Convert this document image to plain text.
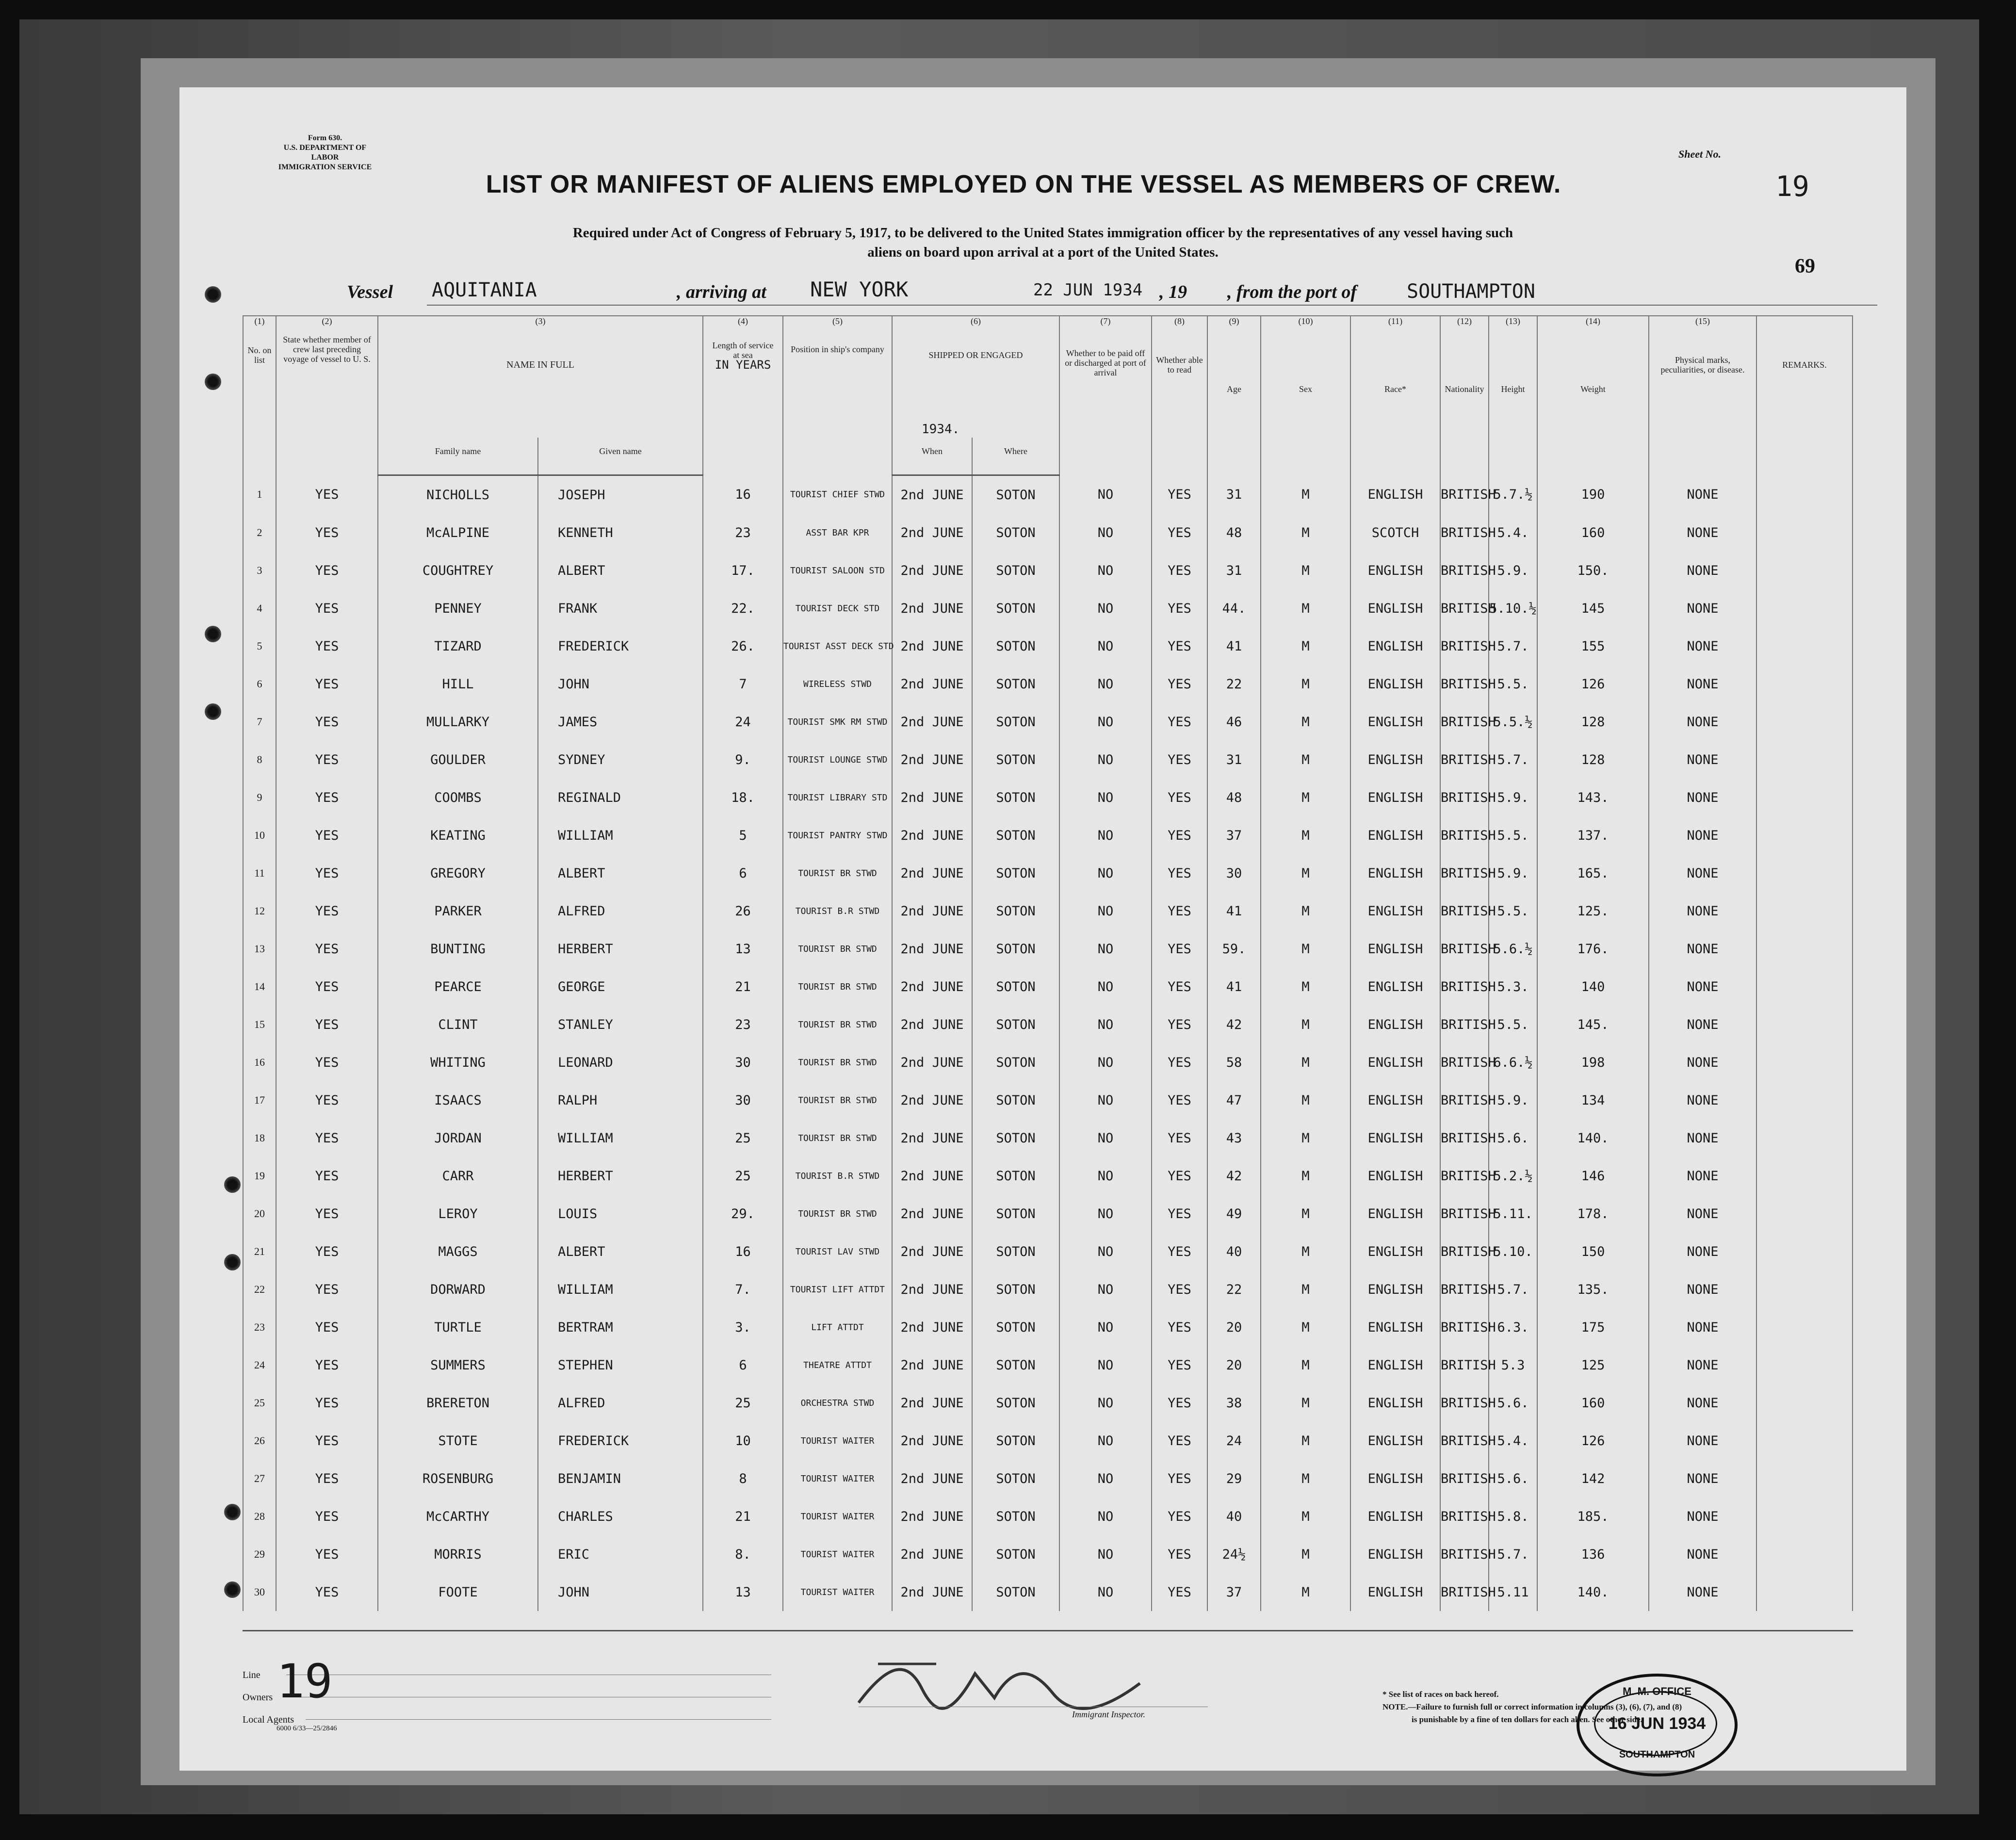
Form 630.
U.S. DEPARTMENT OF LABOR
IMMIGRATION SERVICE
Sheet No.
19
69
LIST OR MANIFEST OF ALIENS EMPLOYED ON THE VESSEL AS MEMBERS OF CREW.
Required under Act of Congress of February 5, 1917, to be delivered to the United States immigration officer by the representatives of any vessel having such
aliens on board upon arrival at a port of the United States.
Vessel AQUITANIA	, arriving at NEW YORK	22 JUN 1934 , 19 , from the port of	SOUTHAMPTON
(1)	(2)	(3)		(4)	(5)	(6)		(7)	(8)	(9)	(10)	(11)	(12)	(13)	(14)	(15)	
No. on list	State whether member of crew last preceding voyage of vessel to U. S.	NAME IN FULL		Length of service at sea
IN YEARS	Position in ship's company	SHIPPED OR ENGAGED		Whether to be paid off or discharged at port of arrival	Whether able to read	Age	Sex	Race*	Nationality	Height	Weight	Physical marks, peculiarities, or disease.	REMARKS.
		Family name	Given name			When	Where										
1	YES	NICHOLLS	JOSEPH	16	TOURIST CHIEF STWD	2nd JUNE	SOTON	NO	YES	31	M	ENGLISH	BRITISH	5.7.½	190	NONE	
2	YES	McALPINE	KENNETH	23	ASST BAR KPR	2nd JUNE	SOTON	NO	YES	48	M	SCOTCH	BRITISH	5.4.	160	NONE	
3	YES	COUGHTREY	ALBERT	17.	TOURIST SALOON STD	2nd JUNE	SOTON	NO	YES	31	M	ENGLISH	BRITISH	5.9.	150.	NONE	
4	YES	PENNEY	FRANK	22.	TOURIST DECK STD	2nd JUNE	SOTON	NO	YES	44.	M	ENGLISH	BRITISH	5.10.½	145	NONE	
5	YES	TIZARD	FREDERICK	26.	TOURIST ASST DECK STD	2nd JUNE	SOTON	NO	YES	41	M	ENGLISH	BRITISH	5.7.	155	NONE	
6	YES	HILL	JOHN	7	WIRELESS STWD	2nd JUNE	SOTON	NO	YES	22	M	ENGLISH	BRITISH	5.5.	126	NONE	
7	YES	MULLARKY	JAMES	24	TOURIST SMK RM STWD	2nd JUNE	SOTON	NO	YES	46	M	ENGLISH	BRITISH	5.5.½	128	NONE	
8	YES	GOULDER	SYDNEY	9.	TOURIST LOUNGE STWD	2nd JUNE	SOTON	NO	YES	31	M	ENGLISH	BRITISH	5.7.	128	NONE	
9	YES	COOMBS	REGINALD	18.	TOURIST LIBRARY STD	2nd JUNE	SOTON	NO	YES	48	M	ENGLISH	BRITISH	5.9.	143.	NONE	
10	YES	KEATING	WILLIAM	5	TOURIST PANTRY STWD	2nd JUNE	SOTON	NO	YES	37	M	ENGLISH	BRITISH	5.5.	137.	NONE	
11	YES	GREGORY	ALBERT	6	TOURIST BR STWD	2nd JUNE	SOTON	NO	YES	30	M	ENGLISH	BRITISH	5.9.	165.	NONE	
12	YES	PARKER	ALFRED	26	TOURIST B.R STWD	2nd JUNE	SOTON	NO	YES	41	M	ENGLISH	BRITISH	5.5.	125.	NONE	
13	YES	BUNTING	HERBERT	13	TOURIST BR STWD	2nd JUNE	SOTON	NO	YES	59.	M	ENGLISH	BRITISH	5.6.½	176.	NONE	
14	YES	PEARCE	GEORGE	21	TOURIST BR STWD	2nd JUNE	SOTON	NO	YES	41	M	ENGLISH	BRITISH	5.3.	140	NONE	
15	YES	CLINT	STANLEY	23	TOURIST BR STWD	2nd JUNE	SOTON	NO	YES	42	M	ENGLISH	BRITISH	5.5.	145.	NONE	
16	YES	WHITING	LEONARD	30	TOURIST BR STWD	2nd JUNE	SOTON	NO	YES	58	M	ENGLISH	BRITISH	6.6.½	198	NONE	
17	YES	ISAACS	RALPH	30	TOURIST BR STWD	2nd JUNE	SOTON	NO	YES	47	M	ENGLISH	BRITISH	5.9.	134	NONE	
18	YES	JORDAN	WILLIAM	25	TOURIST BR STWD	2nd JUNE	SOTON	NO	YES	43	M	ENGLISH	BRITISH	5.6.	140.	NONE	
19	YES	CARR	HERBERT	25	TOURIST B.R STWD	2nd JUNE	SOTON	NO	YES	42	M	ENGLISH	BRITISH	5.2.½	146	NONE	
20	YES	LEROY	LOUIS	29.	TOURIST BR STWD	2nd JUNE	SOTON	NO	YES	49	M	ENGLISH	BRITISH	5.11.	178.	NONE	
21	YES	MAGGS	ALBERT	16	TOURIST LAV STWD	2nd JUNE	SOTON	NO	YES	40	M	ENGLISH	BRITISH	5.10.	150	NONE	
22	YES	DORWARD	WILLIAM	7.	TOURIST LIFT ATTDT	2nd JUNE	SOTON	NO	YES	22	M	ENGLISH	BRITISH	5.7.	135.	NONE	
23	YES	TURTLE	BERTRAM	3.	LIFT ATTDT	2nd JUNE	SOTON	NO	YES	20	M	ENGLISH	BRITISH	6.3.	175	NONE	
24	YES	SUMMERS	STEPHEN	6	THEATRE ATTDT	2nd JUNE	SOTON	NO	YES	20	M	ENGLISH	BRITISH	5.3	125	NONE	
25	YES	BRERETON	ALFRED	25	ORCHESTRA STWD	2nd JUNE	SOTON	NO	YES	38	M	ENGLISH	BRITISH	5.6.	160	NONE	
26	YES	STOTE	FREDERICK	10	TOURIST WAITER	2nd JUNE	SOTON	NO	YES	24	M	ENGLISH	BRITISH	5.4.	126	NONE	
27	YES	ROSENBURG	BENJAMIN	8	TOURIST WAITER	2nd JUNE	SOTON	NO	YES	29	M	ENGLISH	BRITISH	5.6.	142	NONE	
28	YES	McCARTHY	CHARLES	21	TOURIST WAITER	2nd JUNE	SOTON	NO	YES	40	M	ENGLISH	BRITISH	5.8.	185.	NONE	
29	YES	MORRIS	ERIC	8.	TOURIST WAITER	2nd JUNE	SOTON	NO	YES	24½	M	ENGLISH	BRITISH	5.7.	136	NONE	
30	YES	FOOTE	JOHN	13	TOURIST WAITER	2nd JUNE	SOTON	NO	YES	37	M	ENGLISH	BRITISH	5.11	140.	NONE	
1934.
Line
Owners
Local Agents
19
6000 6/33—25/2846
Immigrant Inspector.
* See list of races on back hereof.
NOTE.—Failure to furnish full or correct information in columns (3), (6), (7), and (8)
is punishable by a fine of ten dollars for each alien. See other side.
M. M. OFFICE
16 JUN 1934
SOUTHAMPTON
